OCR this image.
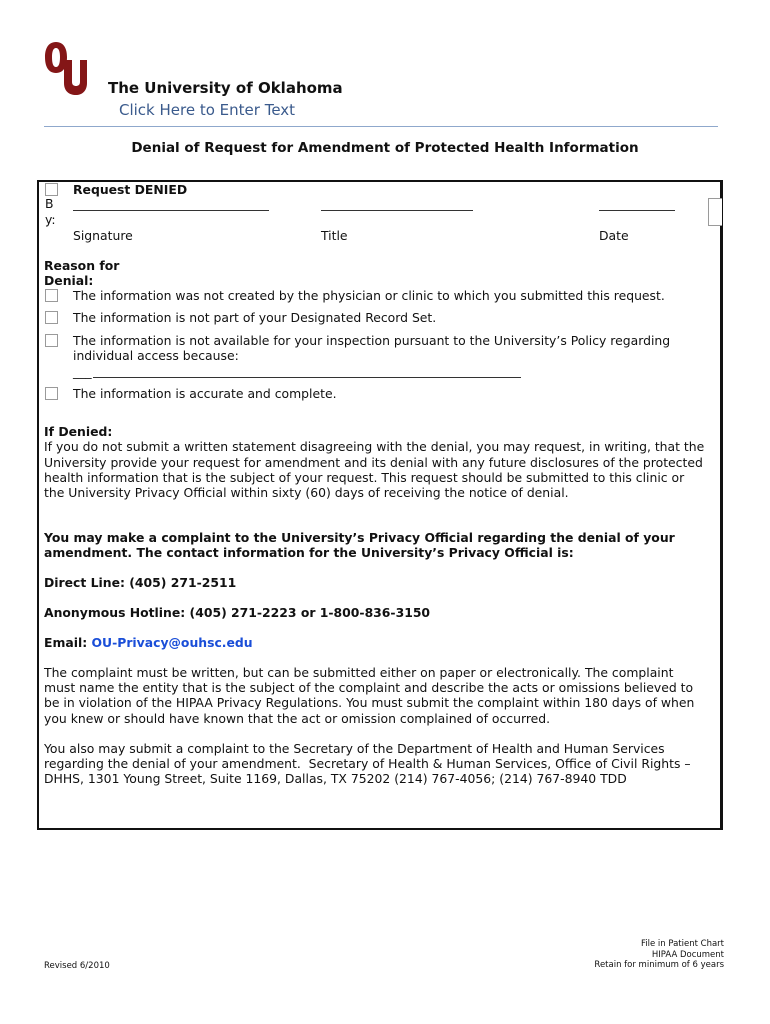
The University of Oklahoma
Click Here to Enter Text
Denial of Request for Amendment of Protected Health Information
Request DENIED
B
y:
Signature	Title	Date
Reason for
Denial:
The information was not created by the physician or clinic to which you submitted this request.
The information is not part of your Designated Record Set.
The information is not available for your inspection pursuant to the University’s Policy regarding
individual access because:
___
The information is accurate and complete.
If Denied:
If you do not submit a written statement disagreeing with the denial, you may request, in writing, that the
University provide your request for amendment and its denial with any future disclosures of the protected
health information that is the subject of your request. This request should be submitted to this clinic or
the University Privacy Official within sixty (60) days of receiving the notice of denial.
You may make a complaint to the University’s Privacy Official regarding the denial of your
amendment. The contact information for the University’s Privacy Official is:
Direct Line: (405) 271-2511
Anonymous Hotline: (405) 271-2223 or 1-800-836-3150
Email: OU-Privacy@ouhsc.edu
The complaint must be written, but can be submitted either on paper or electronically. The complaint
must name the entity that is the subject of the complaint and describe the acts or omissions believed to
be in violation of the HIPAA Privacy Regulations. You must submit the complaint within 180 days of when
you knew or should have known that the act or omission complained of occurred.
You also may submit a complaint to the Secretary of the Department of Health and Human Services
regarding the denial of your amendment.  Secretary of Health & Human Services, Office of Civil Rights –
DHHS, 1301 Young Street, Suite 1169, Dallas, TX 75202 (214) 767-4056; (214) 767-8940 TDD
Revised 6/2010
File in Patient Chart
HIPAA Document
Retain for minimum of 6 years
